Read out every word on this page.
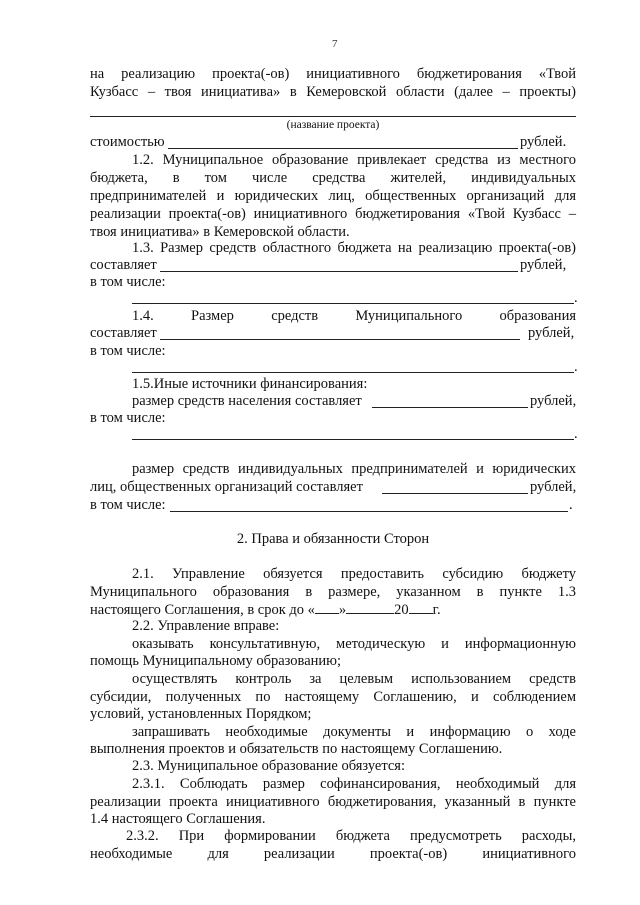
7
на реализацию проекта(-ов) инициативного бюджетирования «Твой
Кузбасс – твоя инициатива» в Кемеровской области (далее – проекты)
(название проекта)
стоимостью	рублей.
1.2. Муниципальное образование привлекает средства из местного
бюджета, в том числе средства жителей, индивидуальных
предпринимателей и юридических лиц, общественных организаций для
реализации проекта(-ов) инициативного бюджетирования «Твой Кузбасс –
твоя инициатива» в Кемеровской области.
1.3. Размер средств областного бюджета на реализацию проекта(-ов)
составляет	рублей,
в том числе:
.
1.4. Размер средств Муниципального образования
составляет	рублей,
в том числе:
.
1.5.Иные источники финансирования:
размер средств населения составляет	рублей,
в том числе:
.
размер средств индивидуальных предпринимателей и юридических
лиц, общественных организаций составляет	рублей,
в том числе:	.
2. Права и обязанности Сторон
2.1. Управление обязуется предоставить субсидию бюджету
Муниципального образования в размере, указанном в пункте 1.3
настоящего Соглашения, в срок до « »	20 г.
2.2. Управление вправе:
оказывать консультативную, методическую и информационную
помощь Муниципальному образованию;
осуществлять контроль за целевым использованием средств
субсидии, полученных по настоящему Соглашению, и соблюдением
условий, установленных Порядком;
запрашивать необходимые документы и информацию о ходе
выполнения проектов и обязательств по настоящему Соглашению.
2.3. Муниципальное образование обязуется:
2.3.1. Соблюдать размер софинансирования, необходимый для
реализации проекта инициативного бюджетирования, указанный в пункте
1.4 настоящего Соглашения.
2.3.2. При формировании бюджета предусмотреть расходы,
необходимые для реализации проекта(-ов) инициативного
